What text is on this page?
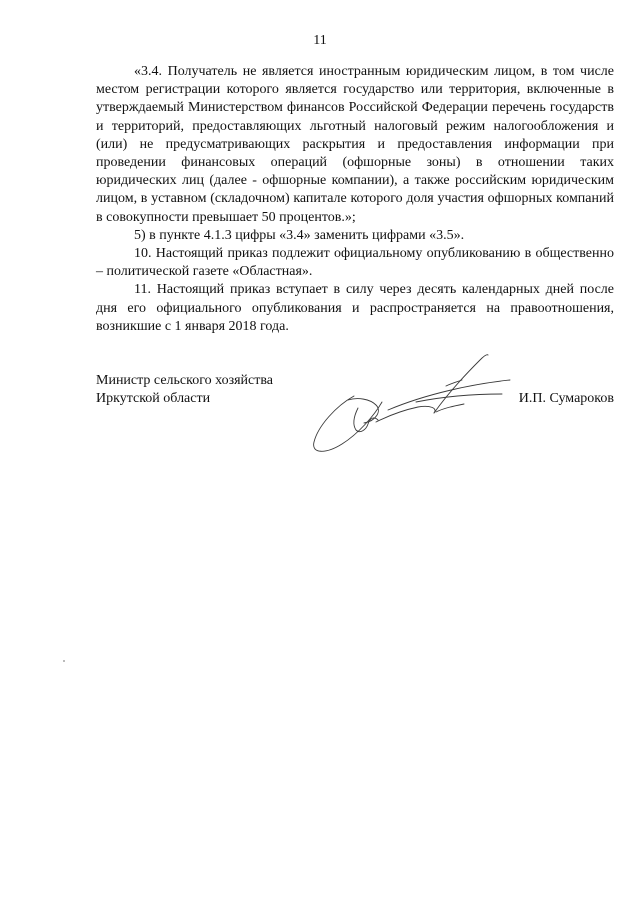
11

«3.4. Получатель не является иностранным юридическим лицом, в том числе местом регистрации которого является государство или территория, включенные в утверждаемый Министерством финансов Российской Федерации перечень государств и территорий, предоставляющих льготный налоговый режим налогообложения и (или) не предусматривающих раскрытия и предоставления информации при проведении финансовых операций (офшорные зоны) в отношении таких юридических лиц (далее - офшорные компании), а также российским юридическим лицом, в уставном (складочном) капитале которого доля участия офшорных компаний в совокупности превышает 50 процентов.»;

5) в пункте 4.1.3 цифры «3.4» заменить цифрами «3.5».

10. Настоящий приказ подлежит официальному опубликованию в общественно – политической газете «Областная».

11. Настоящий приказ вступает в силу через десять календарных дней после дня его официального опубликования и распространяется на правоотношения, возникшие с 1 января 2018 года.

Министр сельского хозяйства
Иркутской области	И.П. Сумароков
